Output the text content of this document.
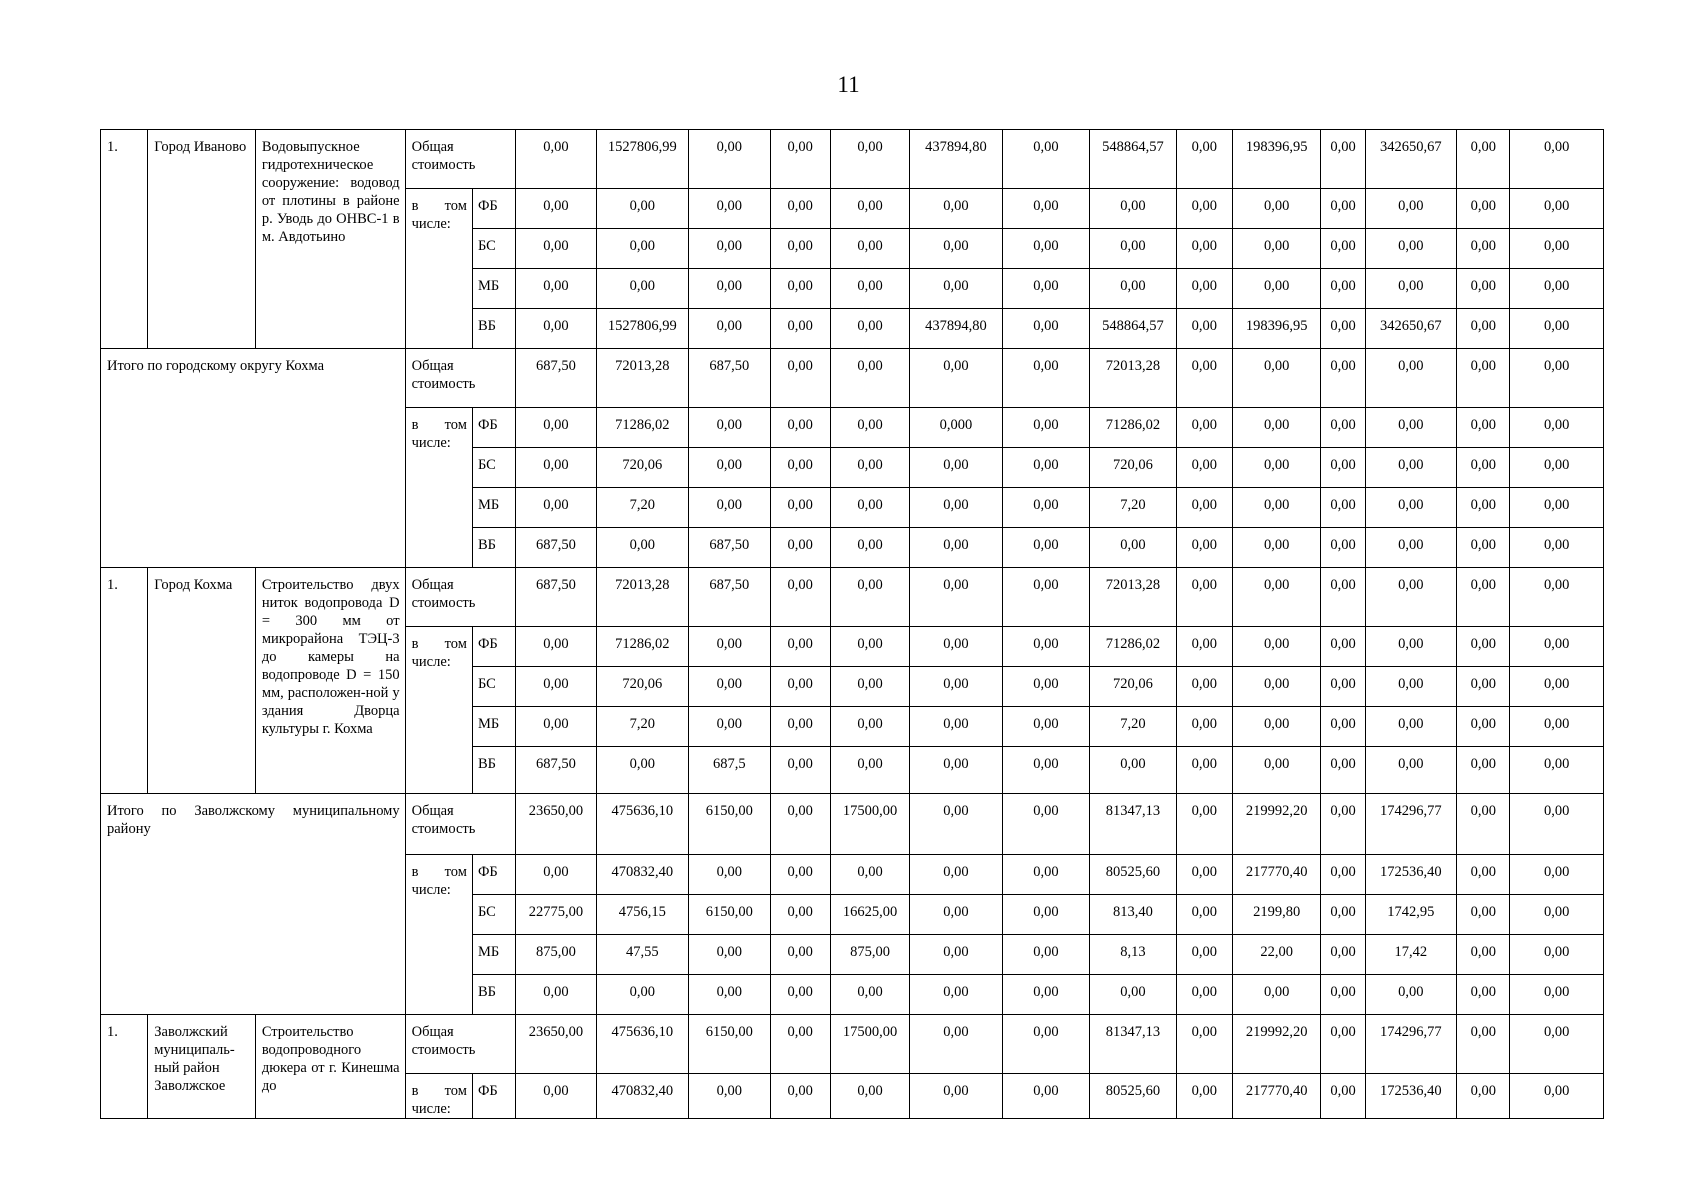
11
1.	Город Иваново	Водовыпускное гидротехническое сооружение: водовод от плотины в районе р. Уводь до ОНВС-1 в м. Авдотьино	Общая стоимость		0,00	1527806,99	0,00	0,00	0,00	437894,80	0,00	548864,57	0,00	198396,95	0,00	342650,67	0,00	0,00
			в том числе:	ФБ	0,00	0,00	0,00	0,00	0,00	0,00	0,00	0,00	0,00	0,00	0,00	0,00	0,00	0,00
				БС	0,00	0,00	0,00	0,00	0,00	0,00	0,00	0,00	0,00	0,00	0,00	0,00	0,00	0,00
				МБ	0,00	0,00	0,00	0,00	0,00	0,00	0,00	0,00	0,00	0,00	0,00	0,00	0,00	0,00
				ВБ	0,00	1527806,99	0,00	0,00	0,00	437894,80	0,00	548864,57	0,00	198396,95	0,00	342650,67	0,00	0,00
Итого по городскому округу Кохма			Общая стоимость		687,50	72013,28	687,50	0,00	0,00	0,00	0,00	72013,28	0,00	0,00	0,00	0,00	0,00	0,00
			в том числе:	ФБ	0,00	71286,02	0,00	0,00	0,00	0,000	0,00	71286,02	0,00	0,00	0,00	0,00	0,00	0,00
				БС	0,00	720,06	0,00	0,00	0,00	0,00	0,00	720,06	0,00	0,00	0,00	0,00	0,00	0,00
				МБ	0,00	7,20	0,00	0,00	0,00	0,00	0,00	7,20	0,00	0,00	0,00	0,00	0,00	0,00
				ВБ	687,50	0,00	687,50	0,00	0,00	0,00	0,00	0,00	0,00	0,00	0,00	0,00	0,00	0,00
1.	Город Кохма	Строительство двух ниток водопровода D = 300 мм от микрорайона ТЭЦ-3 до камеры на водопроводе D = 150 мм, расположен-ной у здания Дворца культуры г. Кохма	Общая стоимость		687,50	72013,28	687,50	0,00	0,00	0,00	0,00	72013,28	0,00	0,00	0,00	0,00	0,00	0,00
			в том числе:	ФБ	0,00	71286,02	0,00	0,00	0,00	0,00	0,00	71286,02	0,00	0,00	0,00	0,00	0,00	0,00
				БС	0,00	720,06	0,00	0,00	0,00	0,00	0,00	720,06	0,00	0,00	0,00	0,00	0,00	0,00
				МБ	0,00	7,20	0,00	0,00	0,00	0,00	0,00	7,20	0,00	0,00	0,00	0,00	0,00	0,00
				ВБ	687,50	0,00	687,5	0,00	0,00	0,00	0,00	0,00	0,00	0,00	0,00	0,00	0,00	0,00
Итого по Заволжскому муниципальному району			Общая стоимость		23650,00	475636,10	6150,00	0,00	17500,00	0,00	0,00	81347,13	0,00	219992,20	0,00	174296,77	0,00	0,00
			в том числе:	ФБ	0,00	470832,40	0,00	0,00	0,00	0,00	0,00	80525,60	0,00	217770,40	0,00	172536,40	0,00	0,00
				БС	22775,00	4756,15	6150,00	0,00	16625,00	0,00	0,00	813,40	0,00	2199,80	0,00	1742,95	0,00	0,00
				МБ	875,00	47,55	0,00	0,00	875,00	0,00	0,00	8,13	0,00	22,00	0,00	17,42	0,00	0,00
				ВБ	0,00	0,00	0,00	0,00	0,00	0,00	0,00	0,00	0,00	0,00	0,00	0,00	0,00	0,00
1.	Заволжский муниципаль-ный район Заволжское	Строительство водопроводного дюкера от г. Кинешма до	Общая стоимость		23650,00	475636,10	6150,00	0,00	17500,00	0,00	0,00	81347,13	0,00	219992,20	0,00	174296,77	0,00	0,00
			в том числе:	ФБ	0,00	470832,40	0,00	0,00	0,00	0,00	0,00	80525,60	0,00	217770,40	0,00	172536,40	0,00	0,00
